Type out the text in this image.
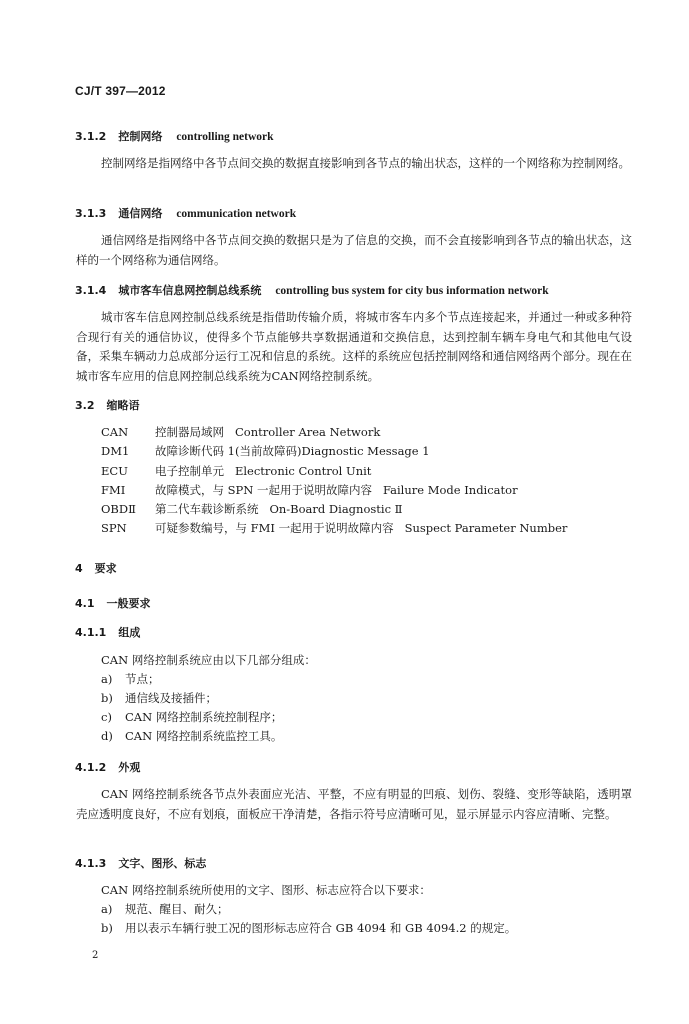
CJ/T 397—2012
3.1.2 控制网络 controlling network
控制网络是指网络中各节点间交换的数据直接影响到各节点的输出状态，这样的一个网络称为控制网络。
3.1.3 通信网络 communication network
通信网络是指网络中各节点间交换的数据只是为了信息的交换，而不会直接影响到各节点的输出状态，这样的一个网络称为通信网络。
3.1.4 城市客车信息网控制总线系统 controlling bus system for city bus information network
城市客车信息网控制总线系统是指借助传输介质，将城市客车内多个节点连接起来，并通过一种或多种符合现行有关的通信协议，使得多个节点能够共享数据通道和交换信息，达到控制车辆车身电气和其他电气设备，采集车辆动力总成部分运行工况和信息的系统。这样的系统应包括控制网络和通信网络两个部分。现在在城市客车应用的信息网控制总线系统为CAN网络控制系统。
3.2 缩略语
CAN	控制器局域网   Controller Area Network
DM1	故障诊断代码 1(当前故障码)Diagnostic Message 1
ECU	电子控制单元   Electronic Control Unit
FMI	故障模式，与 SPN 一起用于说明故障内容   Failure Mode Indicator
OBDⅡ	第二代车载诊断系统   On-Board Diagnostic Ⅱ
SPN	可疑参数编号，与 FMI 一起用于说明故障内容   Suspect Parameter Number
4 要求
4.1 一般要求
4.1.1 组成
CAN 网络控制系统应由以下几部分组成：
a) 节点；
b) 通信线及接插件；
c) CAN 网络控制系统控制程序；
d) CAN 网络控制系统监控工具。
4.1.2 外观
CAN 网络控制系统各节点外表面应光洁、平整，不应有明显的凹痕、划伤、裂缝、变形等缺陷，透明罩壳应透明度良好，不应有划痕，面板应干净清楚，各指示符号应清晰可见，显示屏显示内容应清晰、完整。
4.1.3 文字、图形、标志
CAN 网络控制系统所使用的文字、图形、标志应符合以下要求：
a) 规范、醒目、耐久；
b) 用以表示车辆行驶工况的图形标志应符合 GB 4094 和 GB 4094.2 的规定。
2
